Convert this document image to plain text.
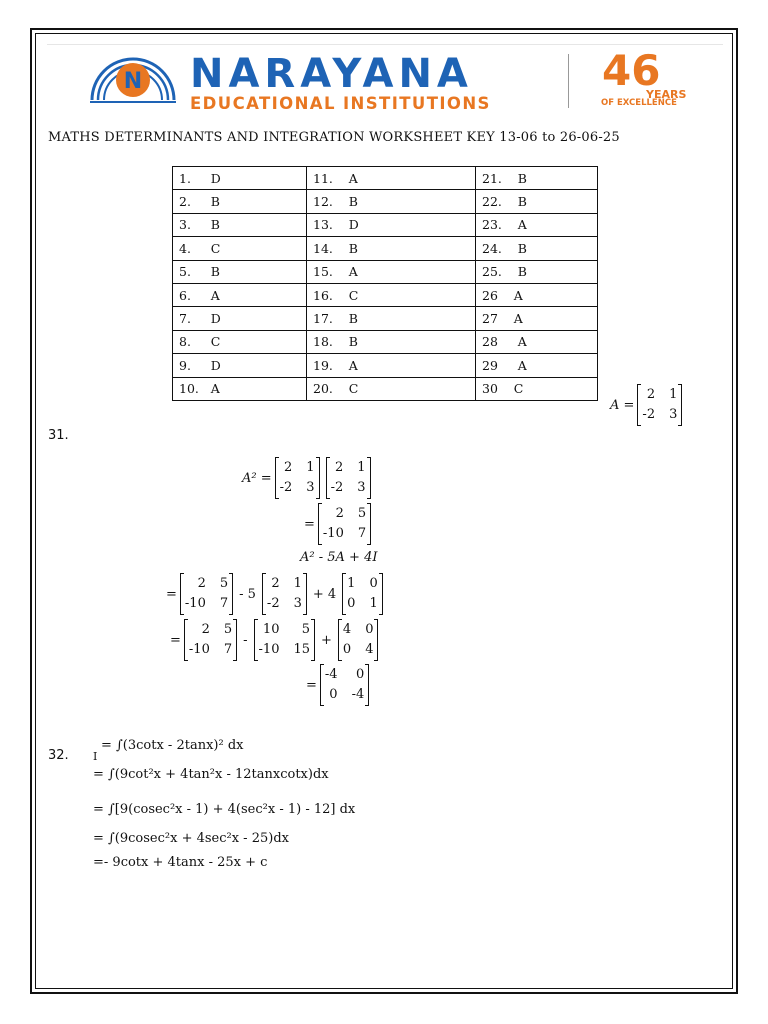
N NARAYANA
EDUCATIONAL INSTITUTIONS
46
YEARS
OF EXCELLENCE
MATHS DETERMINANTS AND INTEGRATION WORKSHEET KEY 13-06 to 26-06-25
1.     D	11.    A	21.    B
2.     B	12.    B	22.    B
3.     B	13.    D	23.    A
4.     C	14.    B	24.    B
5.     B	15.    A	25.    B
6.     A	16.    C	26    A
7.     D	17.    B	27    A
8.     C	18.    B	28     A
9.     D	19.    A	29     A
10.   A	20.    C	30    C
A =
2 1
-2 3
31.
A² =
2 1
-2 3
2 1
-2 3
=
2 5
-10 7
A² - 5A + 4I
=
2 5
-10 7
- 5
2 1
-2 3
+ 4
1 0
0 1
=
2 5
-10 7
-
10	5
-10 15
+
4 0
0 4
=
-4	0
0 -4
32. I
= ∫(3cotx - 2tanx)² dx
= ∫(9cot²x + 4tan²x - 12tanxcotx)dx
= ∫[9(cosec²x - 1) + 4(sec²x - 1) - 12] dx
= ∫(9cosec²x + 4sec²x - 25)dx
=- 9cotx + 4tanx - 25x + c
